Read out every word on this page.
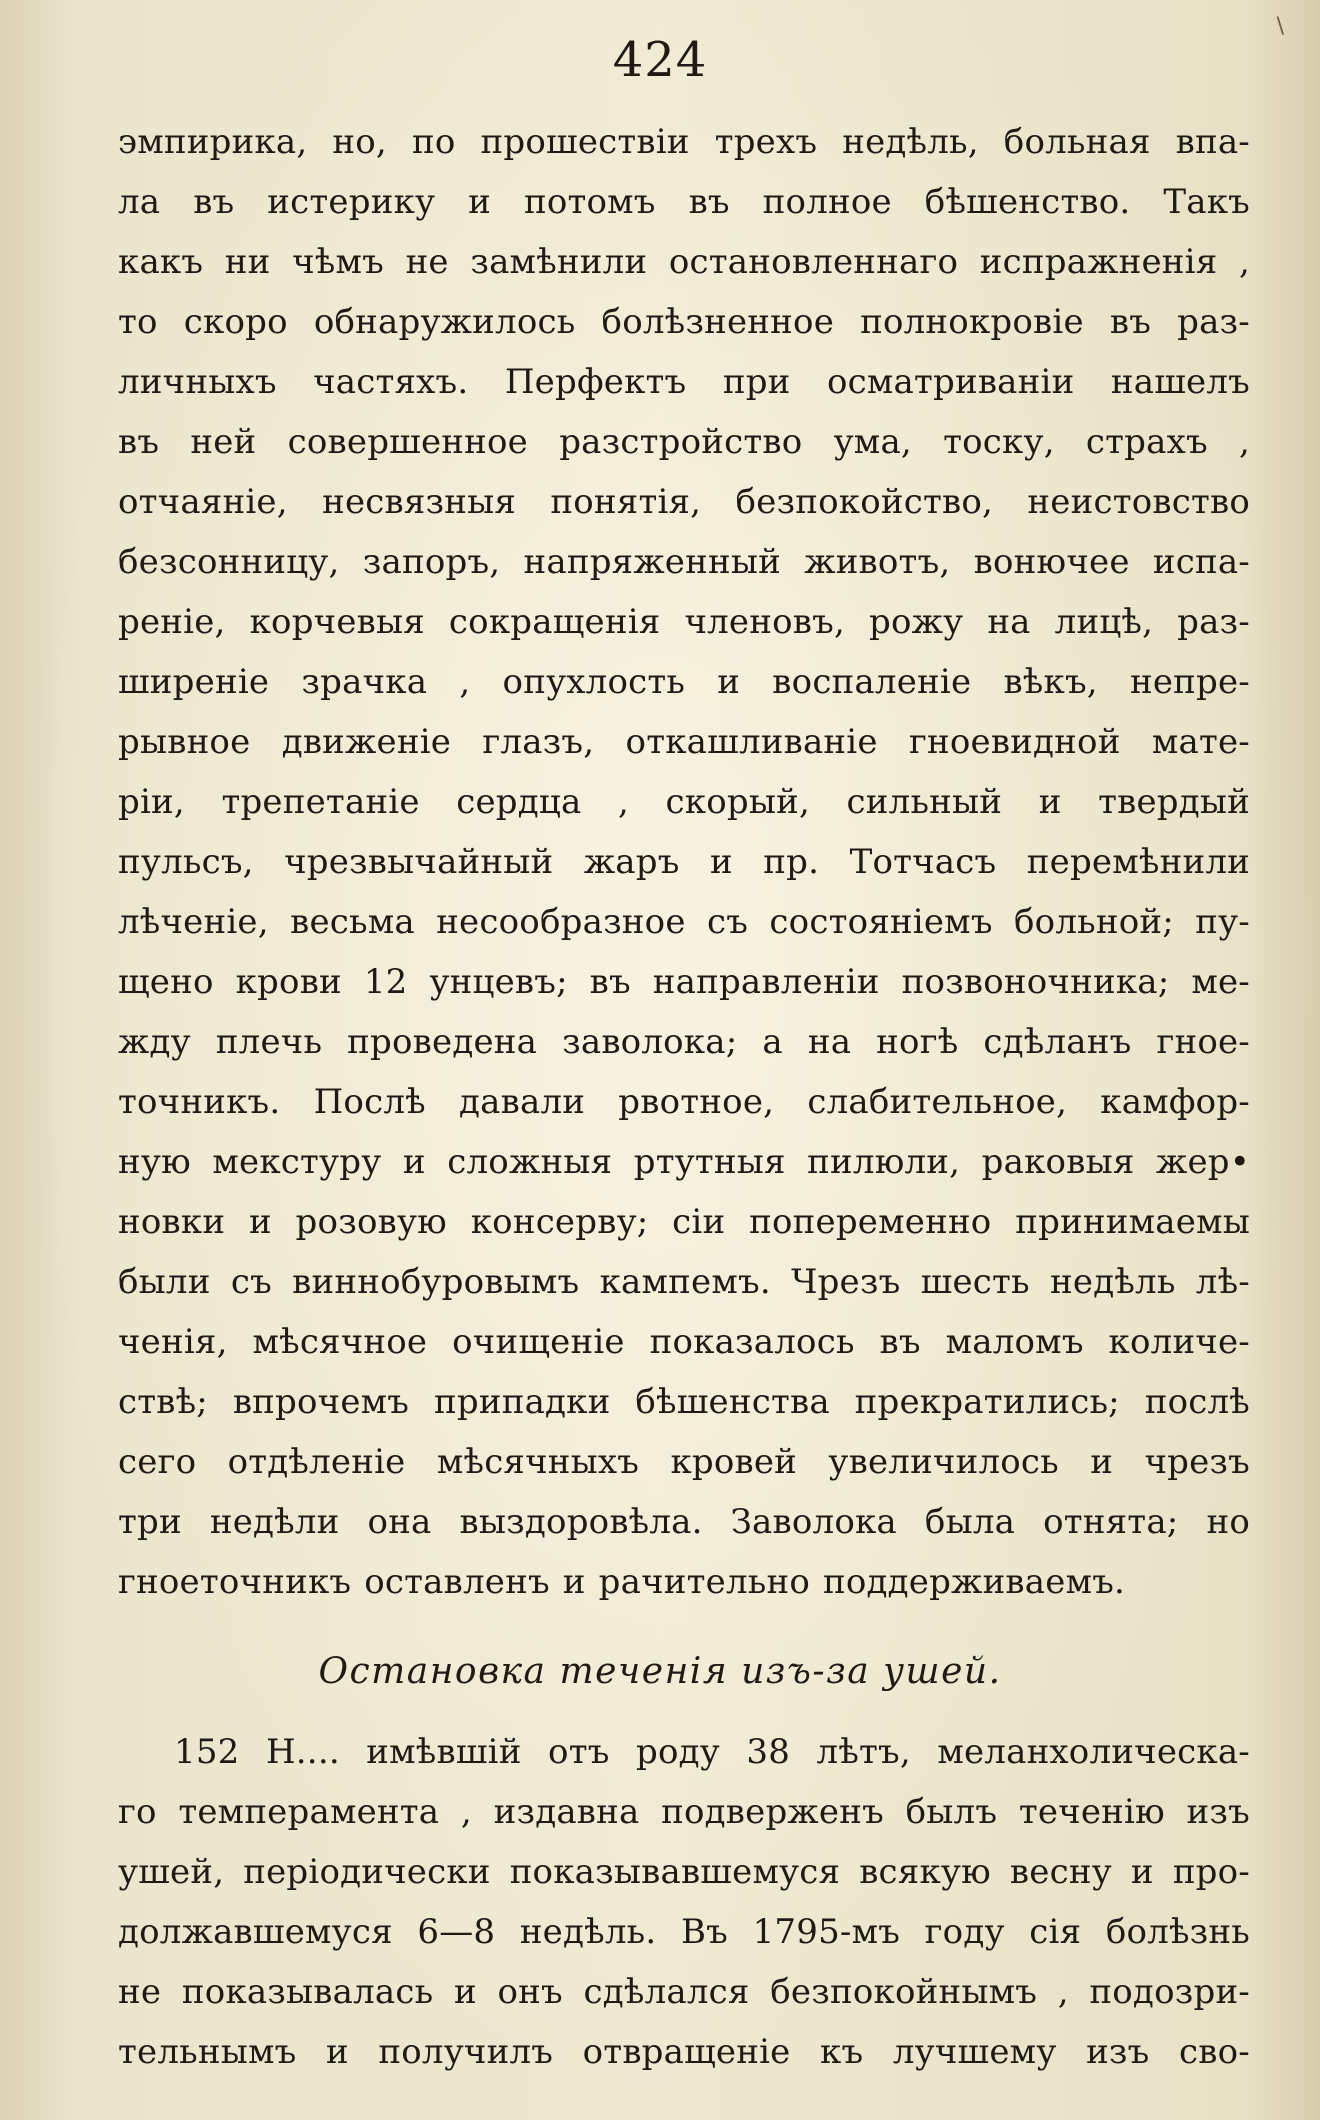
\
424
эмпирика, но, по прошествіи трехъ недѣль, больная впа-
ла въ истерику и потомъ въ полное бѣшенство. Такъ
какъ ни чѣмъ не замѣнили остановленнаго испражненія ,
то скоро обнаружилось болѣзненное полнокровіе въ раз-
личныхъ частяхъ. Перфектъ при осматриваніи нашелъ
въ ней совершенное разстройство ума, тоску, страхъ ,
отчаяніе, несвязныя понятія, безпокойство, неистовство
безсонницу, запоръ, напряженный животъ, вонючее испа-
реніе, корчевыя сокращенія членовъ, рожу на лицѣ, раз-
ширеніе зрачка , опухлость и воспаленіе вѣкъ, непре-
рывное движеніе глазъ, откашливаніе гноевидной мате-
ріи, трепетаніе сердца , скорый, сильный и твердый
пульсъ, чрезвычайный жаръ и пр. Тотчасъ перемѣнили
лѣченіе, весьма несообразное съ состояніемъ больной; пу-
щено крови 12 унцевъ; въ направленіи позвоночника; ме-
жду плечь проведена заволока; а на ногѣ сдѣланъ гное-
точникъ. Послѣ давали рвотное, слабительное, камфор-
ную мекстуру и сложныя ртутныя пилюли, раковыя жер•
новки и розовую консерву; сіи попеременно принимаемы
были съ виннобуровымъ кампемъ. Чрезъ шесть недѣль лѣ-
ченія, мѣсячное очищеніе показалось въ маломъ количе-
ствѣ; впрочемъ припадки бѣшенства прекратились; послѣ
сего отдѣленіе мѣсячныхъ кровей увеличилось и чрезъ
три недѣли она выздоровѣла. Заволока была отнята; но
гноеточникъ оставленъ и рачительно поддерживаемъ.
Остановка теченія изъ-за ушей.
152 Н.... имѣвшій отъ роду 38 лѣтъ, меланхолическа-
го темперамента , издавна подверженъ былъ теченію изъ
ушей, періодически показывавшемуся всякую весну и про-
должавшемуся 6—8 недѣль. Въ 1795-мъ году сія болѣзнь
не показывалась и онъ сдѣлался безпокойнымъ , подозри-
тельнымъ и получилъ отвращеніе къ лучшему изъ сво-
